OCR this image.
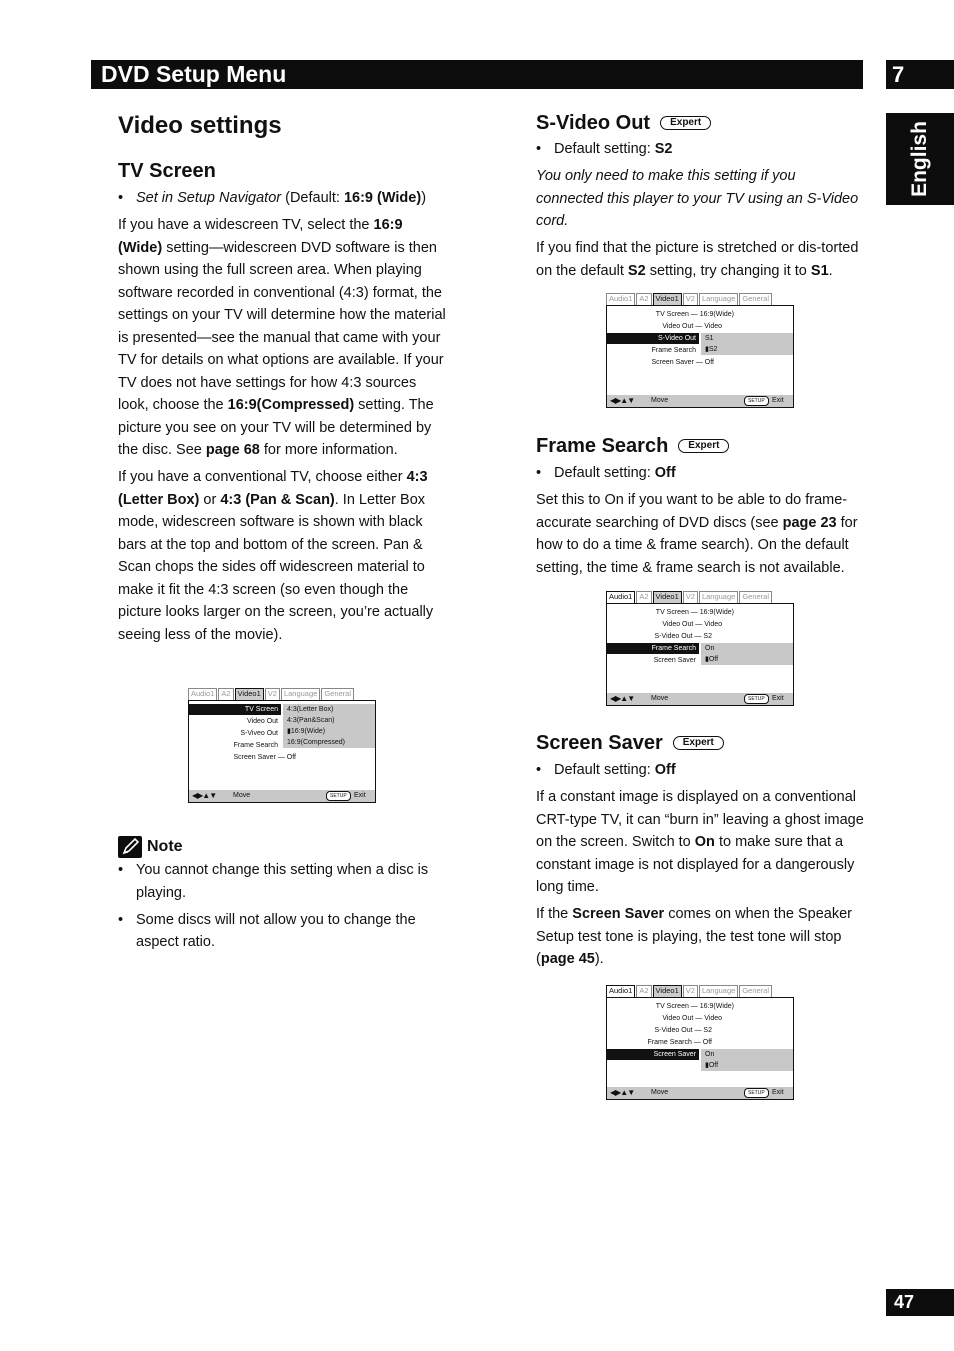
DVD Setup Menu	7
English
47
Video settings
TV Screen

• Set in Setup Navigator (Default: 16:9 (Wide))

If you have a widescreen TV, select the 16:9 (Wide) setting—widescreen DVD software is then shown using the full screen area. When playing software recorded in conventional (4:3) format, the settings on your TV will determine how the material is presented—see the manual that came with your TV for details on what options are available. If your TV does not have settings for how 4:3 sources look, choose the 16:9(Compressed) setting. The picture you see on your TV will be determined by the disc. See page 68 for more information.

If you have a conventional TV, choose either 4:3 (Letter Box) or 4:3 (Pan & Scan). In Letter Box mode, widescreen software is shown with black bars at the top and bottom of the screen. Pan & Scan chops the sides off widescreen material to make it fit the 4:3 screen (so even though the picture looks larger on the screen, you’re actually seeing less of the movie).

Audio1 A2 Video1 V2 Language General
TV Screen
Video Out
S-Viveo Out
Frame Search
Screen Saver — Off
4:3(Letter Box)
4:3(Pan&Scan)
▮16:9(Wide)
16:9(Compressed)
◀▶▲▼ Move	SETUP	Exit
Note

• You cannot change this setting when a disc is playing.

• Some discs will not allow you to change the aspect ratio.

S-Video Out Expert

• Default setting: S2

You only need to make this setting if you connected this player to your TV using an S-Video cord.

If you find that the picture is stretched or dis-torted on the default S2 setting, try changing it to S1.

Audio1 A2 Video1 V2 Language General
TV Screen — 16:9(Wide)
Video Out — Video
S-Video Out
Frame Search
Screen Saver — Off
S1
▮S2
◀▶▲▼ Move	SETUP	Exit
Frame Search Expert

• Default setting: Off

Set this to On if you want to be able to do frame-accurate searching of DVD discs (see page 23 for how to do a time & frame search). On the default setting, the time & frame search is not available.

Audio1 A2 Video1 V2 Language General
TV Screen — 16:9(Wide)
Video Out — Video
S-Video Out — S2
Frame Search
Screen Saver
On
▮Off
◀▶▲▼ Move	SETUP	Exit
Screen Saver Expert

• Default setting: Off

If a constant image is displayed on a conventional CRT-type TV, it can “burn in” leaving a ghost image on the screen. Switch to On to make sure that a constant image is not displayed for a dangerously long time.

If the Screen Saver comes on when the Speaker Setup test tone is playing, the test tone will stop (page 45).

Audio1 A2 Video1 V2 Language General
TV Screen — 16:9(Wide)
Video Out — Video
S-Video Out — S2
Frame Search — Off
Screen Saver	On
▮Off
◀▶▲▼ Move	SETUP	Exit
